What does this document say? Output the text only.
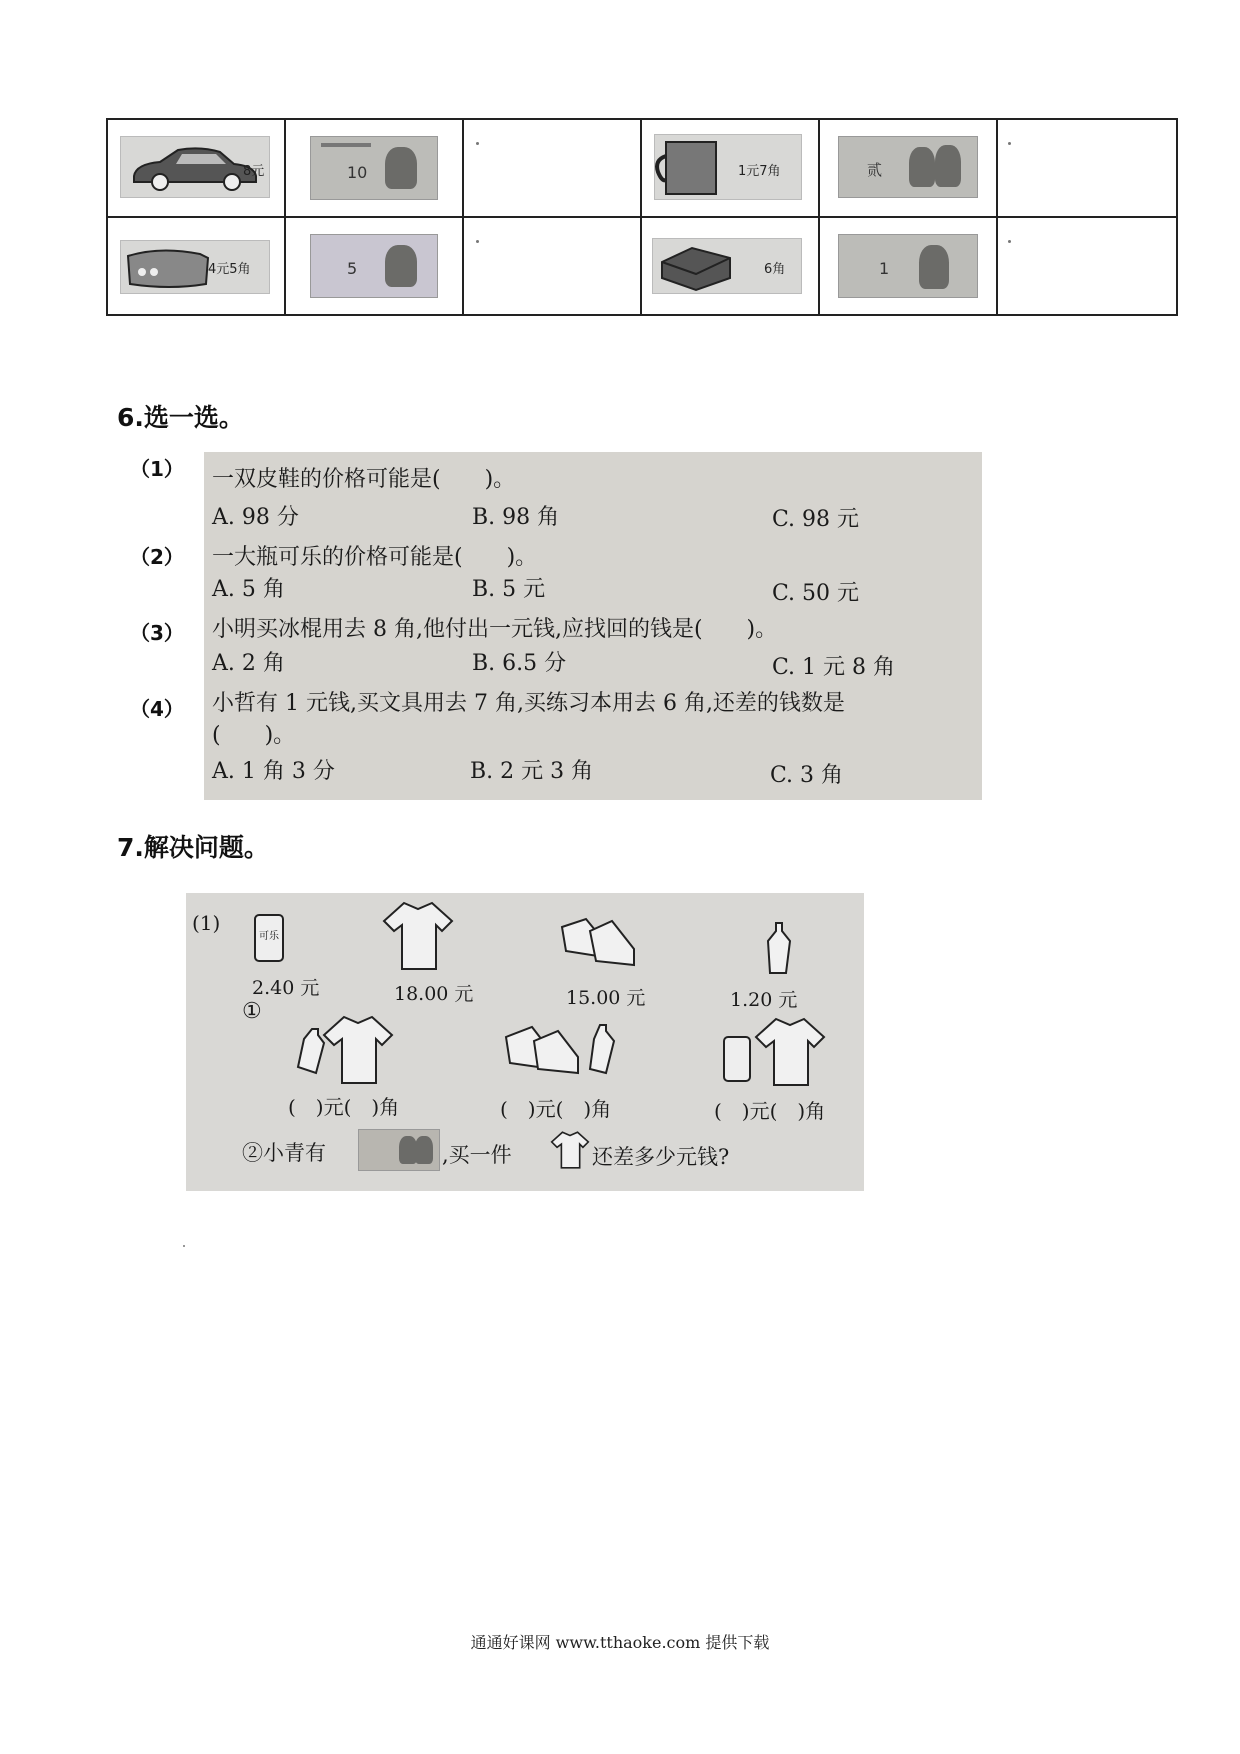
8元	10	1元7角	贰
4元5角	5	6角	1
6.选一选。
（1）
（2）
（3）
（4）
一双皮鞋的价格可能是(　　)。
A. 98 分	B. 98 角	C. 98 元
一大瓶可乐的价格可能是(　　)。
A. 5 角	B. 5 元	C. 50 元
小明买冰棍用去 8 角,他付出一元钱,应找回的钱是(　　)。
A. 2 角	B. 6.5 分	C. 1 元 8 角
小哲有 1 元钱,买文具用去 7 角,买练习本用去 6 角,还差的钱数是
(　　)。
A. 1 角 3 分	B. 2 元 3 角	C. 3 角
7.解决问题。
(1)
可乐
2.40 元	18.00 元	15.00 元	1.20 元
①
(　)元(　)角	(　)元(　)角	(　)元(　)角
②小青有	,买一件	还差多少元钱?
通通好课网 www.tthaoke.com 提供下载
